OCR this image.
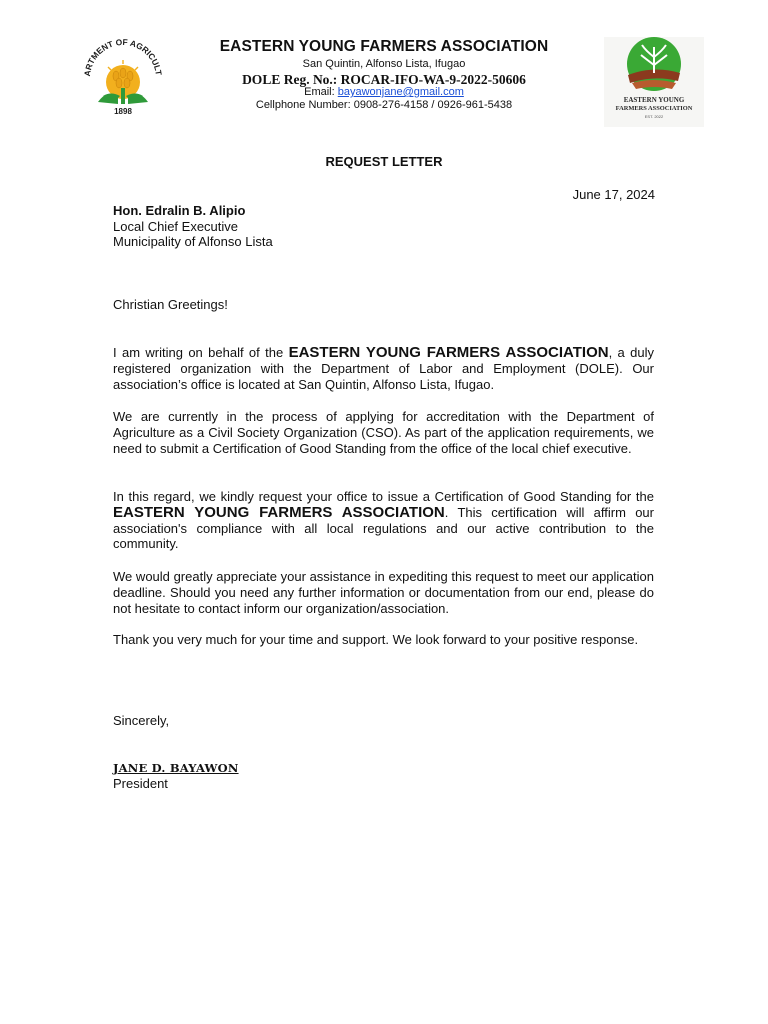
ARTMENT OF AGRICULT
1898
EASTERN YOUNG FARMERS ASSOCIATION
San Quintin, Alfonso Lista, Ifugao
DOLE Reg. No.: ROCAR-IFO-WA-9-2022-50606
Email: bayawonjane@gmail.com
Cellphone Number: 0908-276-4158 / 0926-961-5438	EASTERN YOUNG
FARMERS ASSOCIATION
EST. 2022
REQUEST LETTER
June 17, 2024
Hon. Edralin B. Alipio
Local Chief Executive
Municipality of Alfonso Lista
Christian Greetings!
I am writing on behalf of the EASTERN YOUNG FARMERS ASSOCIATION, a duly registered organization with the Department of Labor and Employment (DOLE). Our association’s office is located at San Quintin, Alfonso Lista, Ifugao.
We are currently in the process of applying for accreditation with the Department of Agriculture as a Civil Society Organization (CSO). As part of the application requirements, we need to submit a Certification of Good Standing from the office of the local chief executive.
In this regard, we kindly request your office to issue a Certification of Good Standing for the EASTERN YOUNG FARMERS ASSOCIATION. This certification will affirm our association's compliance with all local regulations and our active contribution to the community.
We would greatly appreciate your assistance in expediting this request to meet our application deadline. Should you need any further information or documentation from our end, please do not hesitate to contact inform our organization/association.
Thank you very much for your time and support. We look forward to your positive response.
Sincerely,
JANE D. BAYAWON
President
